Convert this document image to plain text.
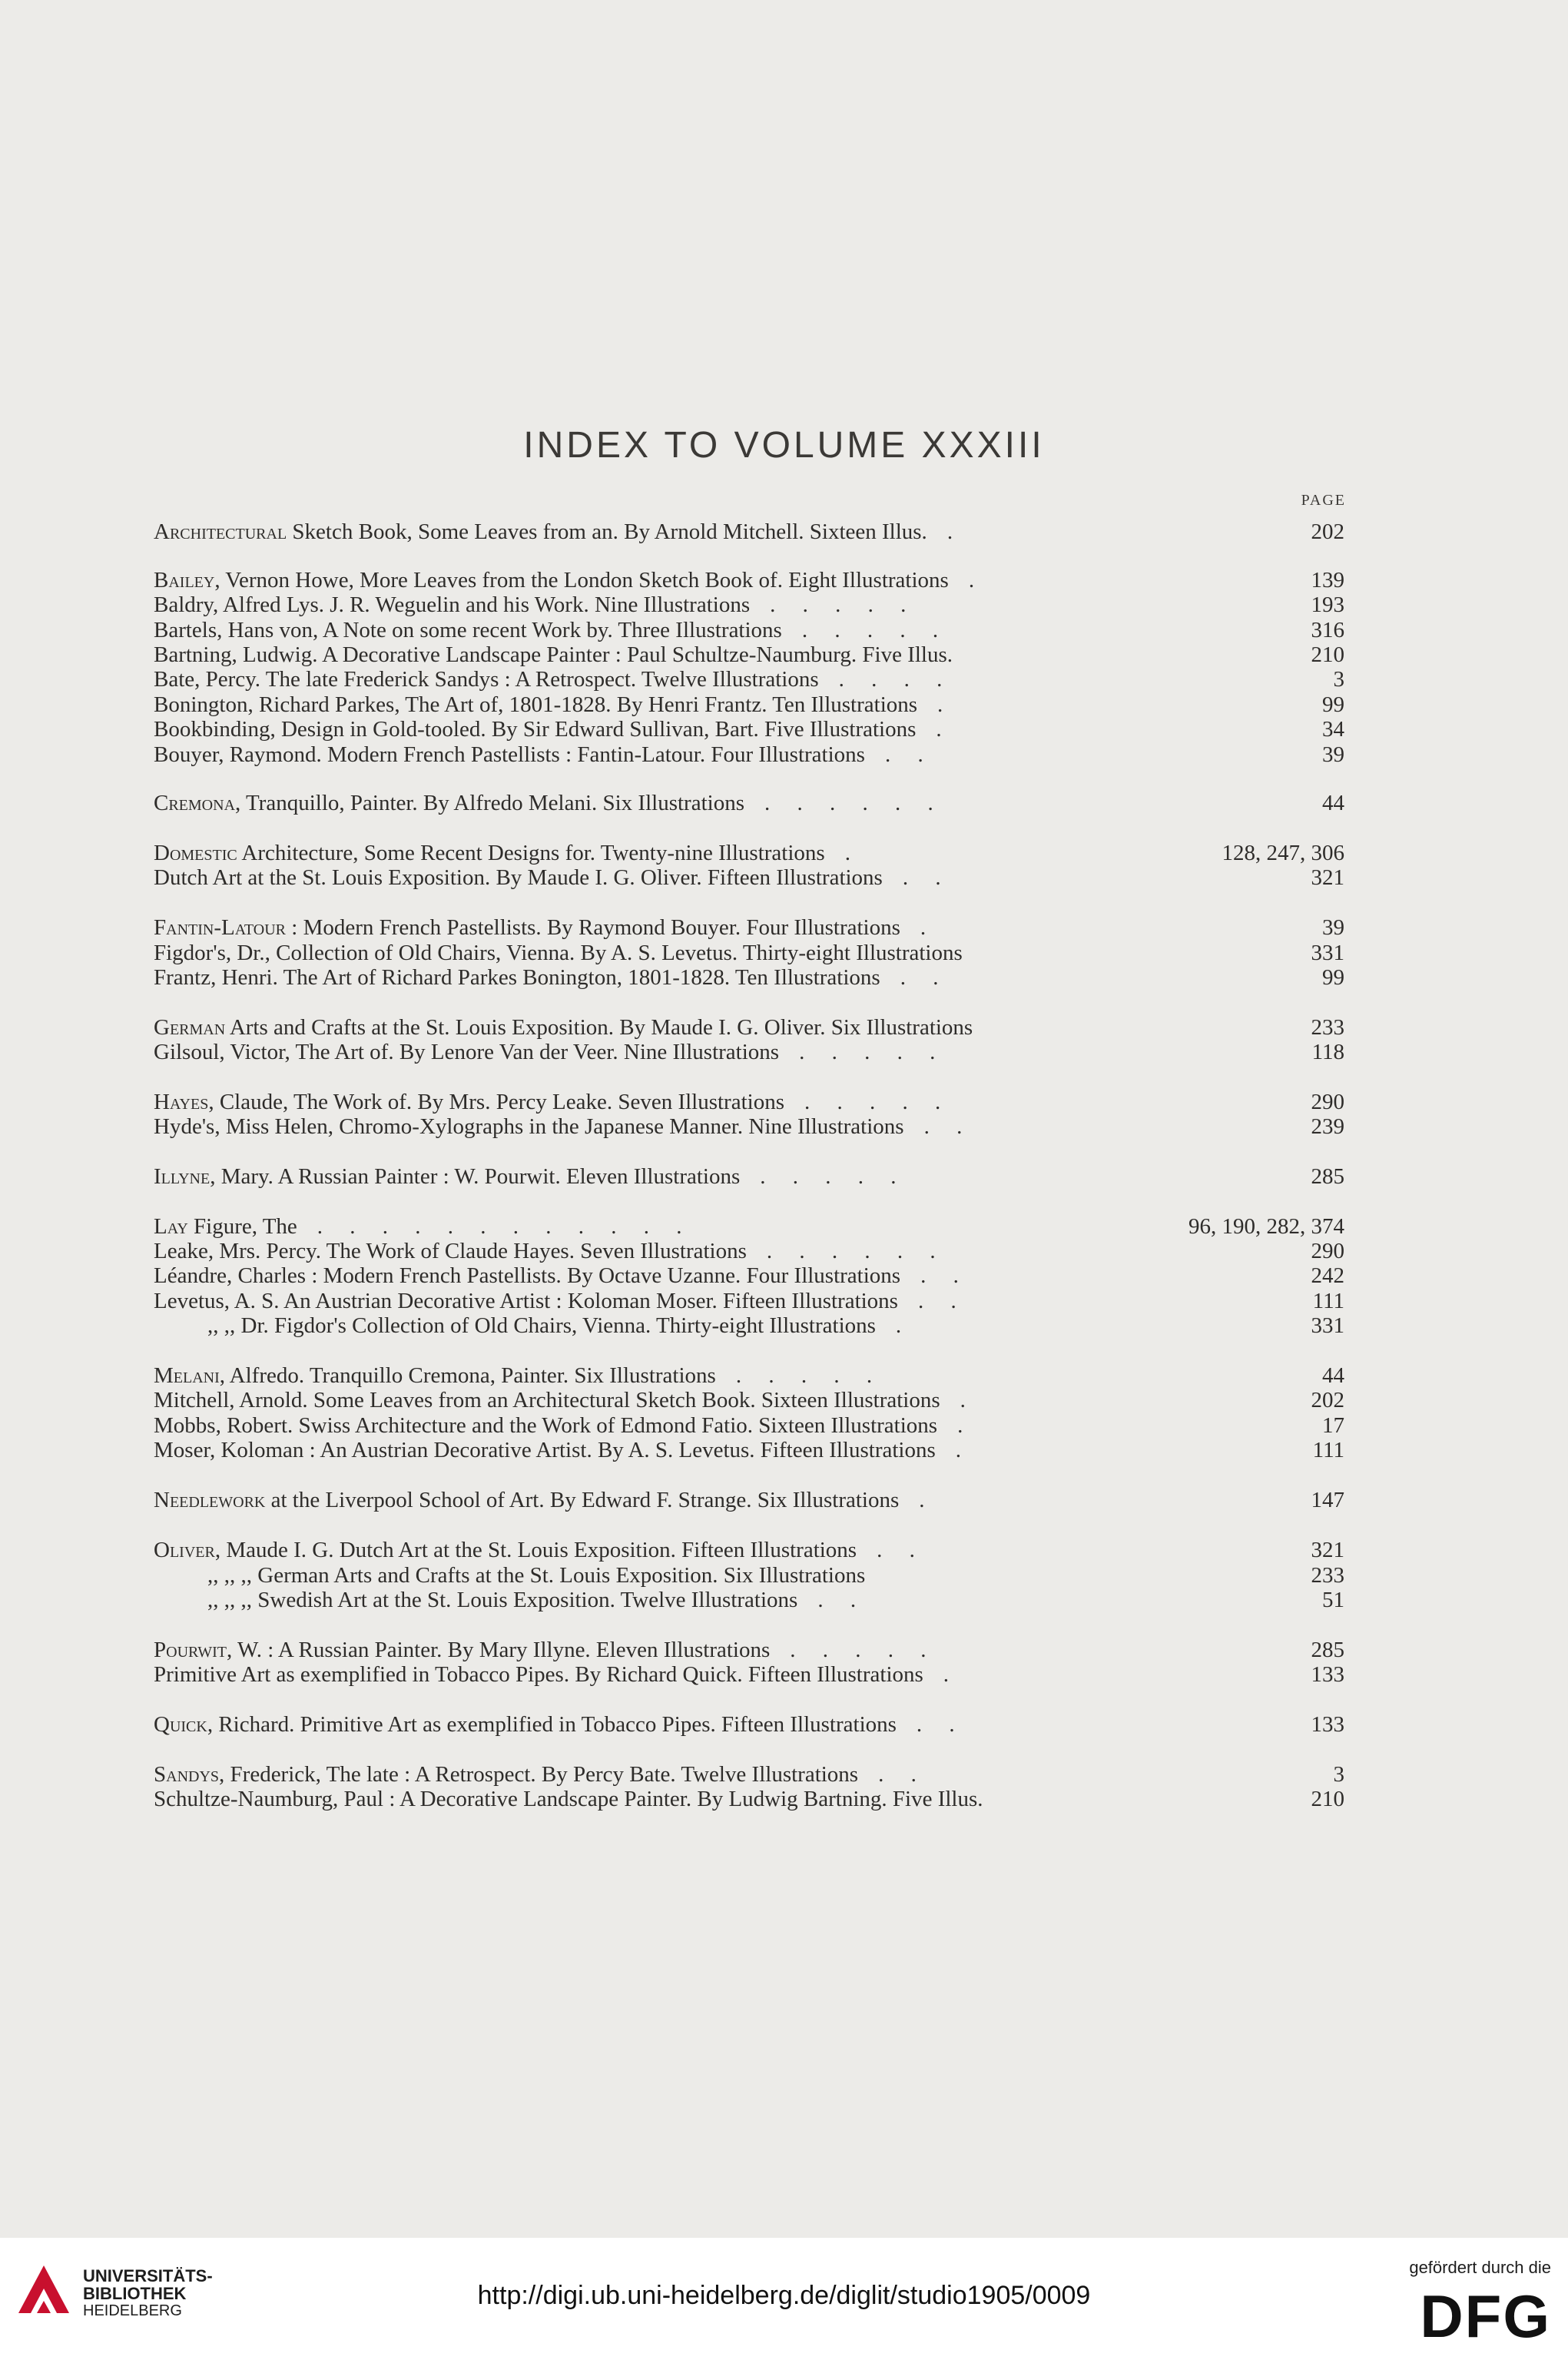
INDEX TO VOLUME XXXIII
PAGE
Architectural Sketch Book, Some Leaves from an. By Arnold Mitchell. Sixteen Illus. .	202
Bailey, Vernon Howe, More Leaves from the London Sketch Book of. Eight Illustrations .	139
Baldry, Alfred Lys. J. R. Weguelin and his Work. Nine Illustrations . . . . .	193
Bartels, Hans von, A Note on some recent Work by. Three Illustrations . . . . .	316
Bartning, Ludwig. A Decorative Landscape Painter : Paul Schultze-Naumburg. Five Illus.	210
Bate, Percy. The late Frederick Sandys : A Retrospect. Twelve Illustrations . . . .	3
Bonington, Richard Parkes, The Art of, 1801-1828. By Henri Frantz. Ten Illustrations .	99
Bookbinding, Design in Gold-tooled. By Sir Edward Sullivan, Bart. Five Illustrations .	34
Bouyer, Raymond. Modern French Pastellists : Fantin-Latour. Four Illustrations . .	39
Cremona, Tranquillo, Painter. By Alfredo Melani. Six Illustrations . . . . . .	44
Domestic Architecture, Some Recent Designs for. Twenty-nine Illustrations .	128, 247, 306
Dutch Art at the St. Louis Exposition. By Maude I. G. Oliver. Fifteen Illustrations . .	321
Fantin-Latour : Modern French Pastellists. By Raymond Bouyer. Four Illustrations .	39
Figdor's, Dr., Collection of Old Chairs, Vienna. By A. S. Levetus. Thirty-eight Illustrations	331
Frantz, Henri. The Art of Richard Parkes Bonington, 1801-1828. Ten Illustrations . .	99
German Arts and Crafts at the St. Louis Exposition. By Maude I. G. Oliver. Six Illustrations	233
Gilsoul, Victor, The Art of. By Lenore Van der Veer. Nine Illustrations . . . . .	118
Hayes, Claude, The Work of. By Mrs. Percy Leake. Seven Illustrations . . . . .	290
Hyde's, Miss Helen, Chromo-Xylographs in the Japanese Manner. Nine Illustrations . .	239
Illyne, Mary. A Russian Painter : W. Pourwit. Eleven Illustrations . . . . .	285
Lay Figure, The . . . . . . . . . . . .	96, 190, 282, 374
Leake, Mrs. Percy. The Work of Claude Hayes. Seven Illustrations . . . . . .	290
Léandre, Charles : Modern French Pastellists. By Octave Uzanne. Four Illustrations . .	242
Levetus, A. S. An Austrian Decorative Artist : Koloman Moser. Fifteen Illustrations . .	111
,, ,, Dr. Figdor's Collection of Old Chairs, Vienna. Thirty-eight Illustrations .	331
Melani, Alfredo. Tranquillo Cremona, Painter. Six Illustrations . . . . .	44
Mitchell, Arnold. Some Leaves from an Architectural Sketch Book. Sixteen Illustrations .	202
Mobbs, Robert. Swiss Architecture and the Work of Edmond Fatio. Sixteen Illustrations .	17
Moser, Koloman : An Austrian Decorative Artist. By A. S. Levetus. Fifteen Illustrations .	111
Needlework at the Liverpool School of Art. By Edward F. Strange. Six Illustrations .	147
Oliver, Maude I. G. Dutch Art at the St. Louis Exposition. Fifteen Illustrations . .	321
,, ,, ,, German Arts and Crafts at the St. Louis Exposition. Six Illustrations	233
,, ,, ,, Swedish Art at the St. Louis Exposition. Twelve Illustrations . .	51
Pourwit, W. : A Russian Painter. By Mary Illyne. Eleven Illustrations . . . . .	285
Primitive Art as exemplified in Tobacco Pipes. By Richard Quick. Fifteen Illustrations .	133
Quick, Richard. Primitive Art as exemplified in Tobacco Pipes. Fifteen Illustrations . .	133
Sandys, Frederick, The late : A Retrospect. By Percy Bate. Twelve Illustrations . .	3
Schultze-Naumburg, Paul : A Decorative Landscape Painter. By Ludwig Bartning. Five Illus.	210
UNIVERSITÄTS-
BIBLIOTHEK
HEIDELBERG
http://digi.ub.uni-heidelberg.de/diglit/studio1905/0009
gefördert durch die
DFG
